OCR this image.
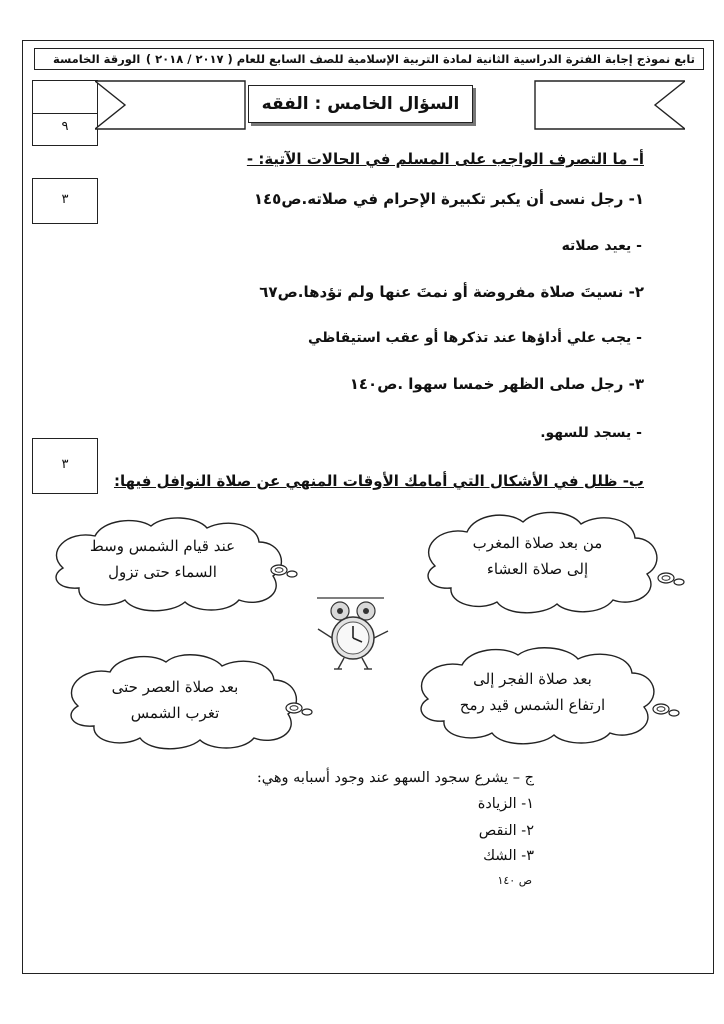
تابع نموذج إجابة الفترة الدراسية الثانية لمادة التربية الإسلامية للصف السابع للعام ( ٢٠١٧ / ٢٠١٨ )
الورقة الخامسة
٩
السؤال الخامس : الفقه
أ- ما التصرف الواجب على المسلم في الحالات الآتية: -
٣	١- رجل نسى أن يكبر تكبيرة الإحرام في صلاته.ص١٤٥
- يعيد صلاته
٢- نسيتَ صلاة مفروضة أو نمتَ عنها ولم تؤدها.ص٦٧
- يجب علي أداؤها عند تذكرها أو عقب استيقاظي
٣- رجل صلى الظهر خمسا سهوا .ص١٤٠
- يسجد للسهو.
٣
ب- ظلل في الأشكال التي أمامك الأوقات المنهي عن صلاة النوافل فيها:
من بعد صلاة المغرب
إلى صلاة العشاء
عند قيام الشمس وسط
السماء حتى تزول
بعد صلاة الفجر إلى
ارتفاع الشمس قيد رمح
بعد صلاة العصر حتى
تغرب الشمس
ج – يشرع سجود السهو عند وجود أسبابه وهي:
١- الزيادة
٢- النقص
٣- الشك
ص ١٤٠
